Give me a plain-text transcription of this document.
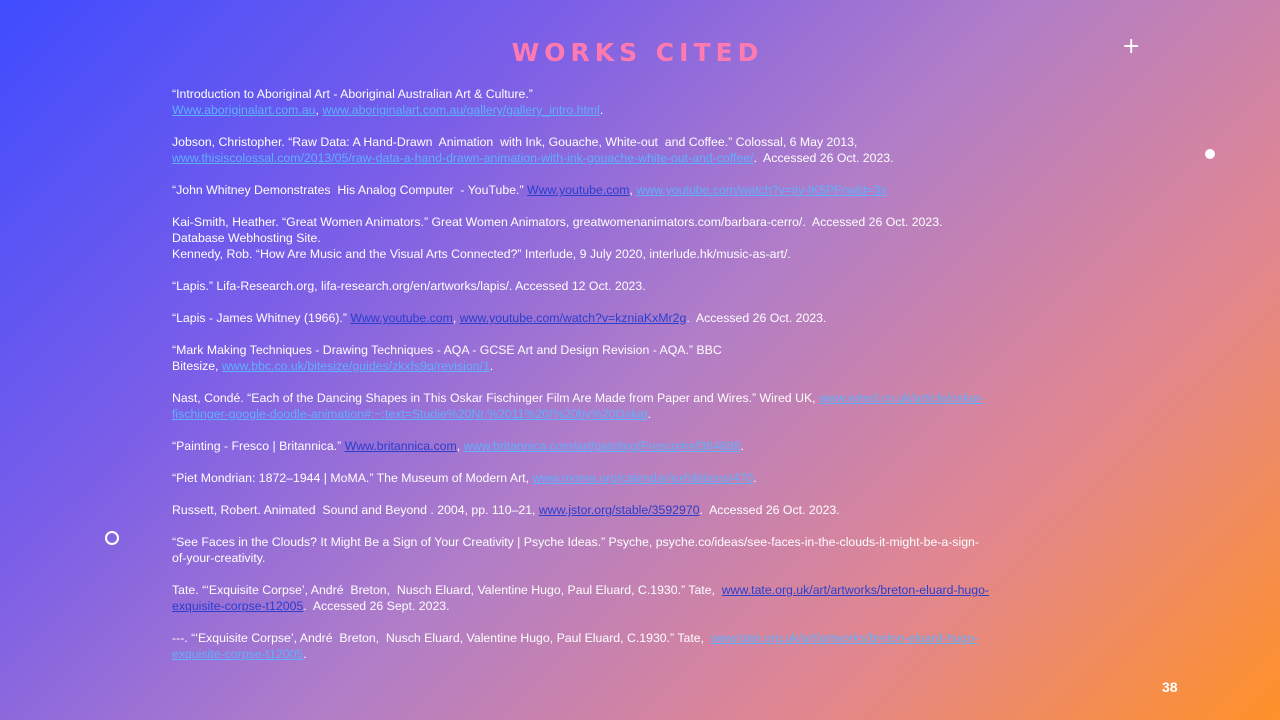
WORKS CITED	+
“Introduction to Aboriginal Art - Aboriginal Australian Art & Culture.”
Www.aboriginalart.com.au, www.aboriginalart.com.au/gallery/gallery_intro.html.
Jobson, Christopher. “Raw Data: A Hand-Drawn  Animation  with Ink, Gouache, White-out  and Coffee.” Colossal, 6 May 2013,
www.thisiscolossal.com/2013/05/raw-data-a-hand-drawn-animation-with-ink-gouache-white-out-and-coffee/.  Accessed 26 Oct. 2023.
“John Whitney Demonstrates  His Analog Computer  - YouTube.” Www.youtube.com, www.youtube.com/watch?v=jIv-lK5PFrw&t=3s
Kai-Smith, Heather. “Great Women Animators.” Great Women Animators, greatwomenanimators.com/barbara-cerro/.  Accessed 26 Oct. 2023.
Database Webhosting Site.
Kennedy, Rob. “How Are Music and the Visual Arts Connected?” Interlude, 9 July 2020, interlude.hk/music-as-art/.
“Lapis.” Lifa-Research.org, lifa-research.org/en/artworks/lapis/. Accessed 12 Oct. 2023.
“Lapis - James Whitney (1966).” Www.youtube.com, www.youtube.com/watch?v=kzniaKxMr2g.  Accessed 26 Oct. 2023.
“Mark Making Techniques - Drawing Techniques - AQA - GCSE Art and Design Revision - AQA.” BBC
Bitesize, www.bbc.co.uk/bitesize/guides/zkxfs9q/revision/1.
Nast, Condé. “Each of the Dancing Shapes in This Oskar Fischinger Film Are Made from Paper and Wires.” Wired UK, www.wired.co.uk/article/oskar-
fischinger-google-doodle-animation#:~:text=Studie%20Nr.%2011%20(%20by%20Oskar.
“Painting - Fresco | Britannica.” Www.britannica.com, www.britannica.com/art/painting/Fresco#ref364688.
“Piet Mondrian: 1872–1944 | MoMA.” The Museum of Modern Art, www.moma.org/calendar/exhibitions/470.
Russett, Robert. Animated  Sound and Beyond . 2004, pp. 110–21, www.jstor.org/stable/3592970.  Accessed 26 Oct. 2023.
“See Faces in the Clouds? It Might Be a Sign of Your Creativity | Psyche Ideas.” Psyche, psyche.co/ideas/see-faces-in-the-clouds-it-might-be-a-sign-
of-your-creativity.
Tate. “‘Exquisite Corpse’, André  Breton,  Nusch Eluard, Valentine Hugo, Paul Eluard, C.1930.” Tate,  www.tate.org.uk/art/artworks/breton-eluard-hugo-
exquisite-corpse-t12005.  Accessed 26 Sept. 2023.
---. “‘Exquisite Corpse’, André  Breton,  Nusch Eluard, Valentine Hugo, Paul Eluard, C.1930.” Tate,  www.tate.org.uk/art/artworks/breton-eluard-hugo-
exquisite-corpse-t12005.
38
